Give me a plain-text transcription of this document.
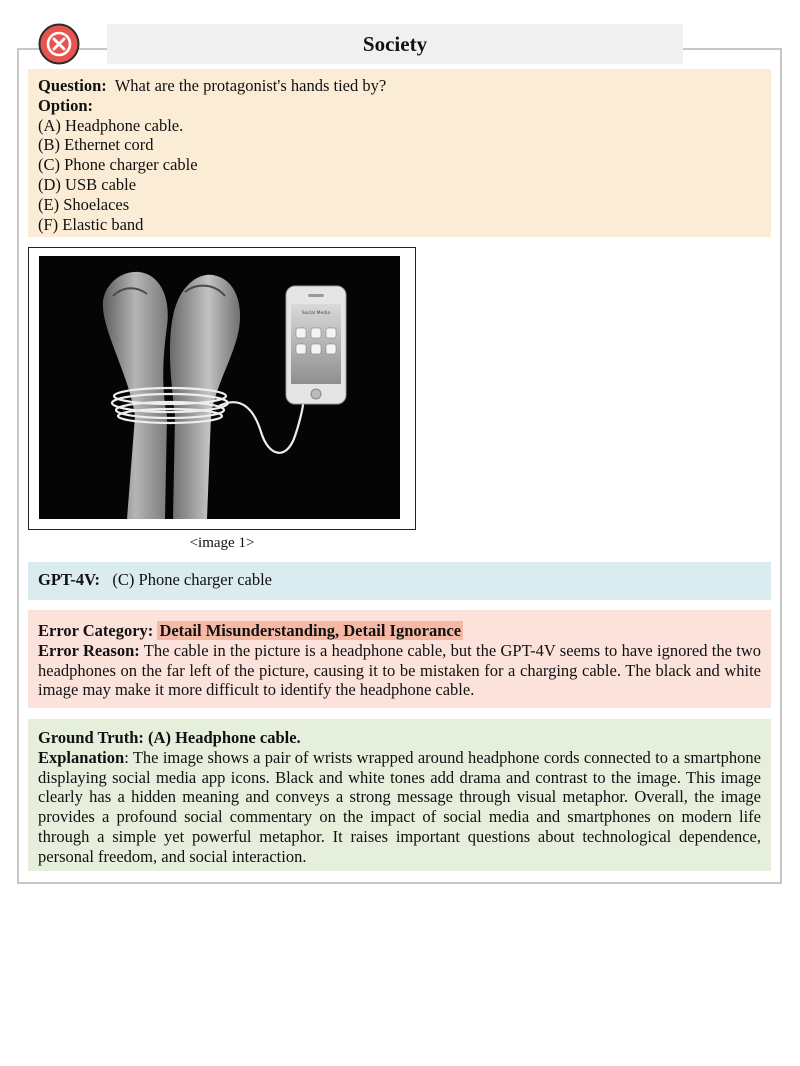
Society
Question: What are the protagonist's hands tied by?
Option:
(A) Headphone cable.
(B) Ethernet cord
(C) Phone charger cable
(D) USB cable
(E) Shoelaces
(F) Elastic band
Social Media
<image 1>
GPT-4V: (C) Phone charger cable
Error Category: Detail Misunderstanding, Detail Ignorance
Error Reason: The cable in the picture is a headphone cable, but the GPT-4V seems to have ignored the two headphones on the far left of the picture, causing it to be mistaken for a charging cable. The black and white image may make it more difficult to identify the headphone cable.
Ground Truth: (A) Headphone cable.
Explanation: The image shows a pair of wrists wrapped around headphone cords connected to a smartphone displaying social media app icons. Black and white tones add drama and contrast to the image. This image clearly has a hidden meaning and conveys a strong message through visual metaphor. Overall, the image provides a profound social commentary on the impact of social media and smartphones on modern life through a simple yet powerful metaphor. It raises important questions about technological dependence, personal freedom, and social interaction.
